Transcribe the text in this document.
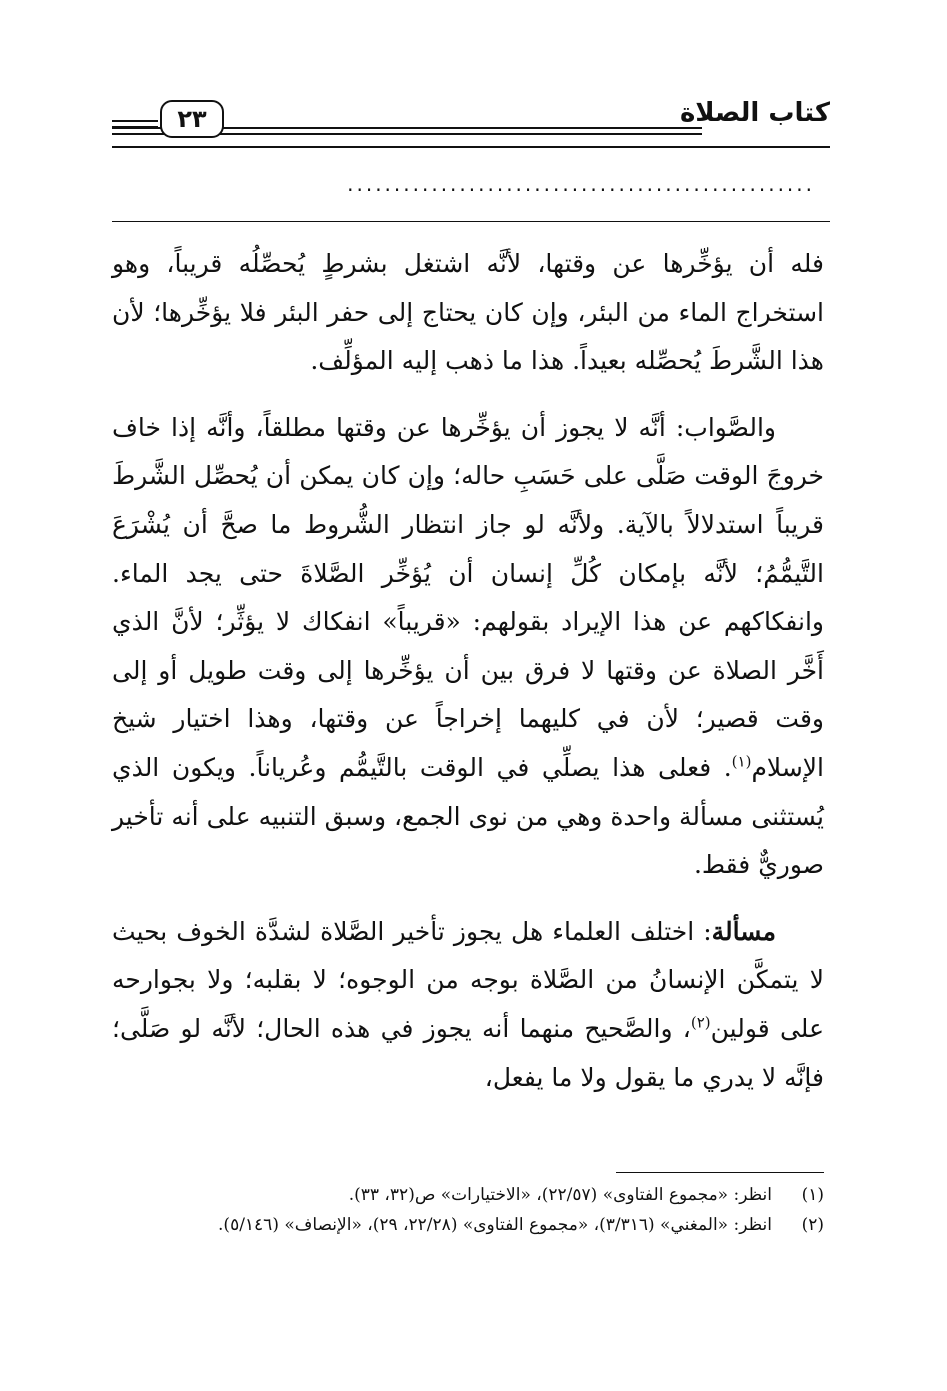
كتاب الصلاة
٢٣
..................................................

فله أن يؤخِّرها عن وقتها، لأنَّه اشتغل بشرطٍ يُحصِّلُه قريباً، وهو استخراج الماء من البئر، وإن كان يحتاج إلى حفر البئر فلا يؤخِّرها؛ لأن هذا الشَّرطَ يُحصِّله بعيداً. هذا ما ذهب إليه المؤلِّف.

والصَّواب: أنَّه لا يجوز أن يؤخِّرها عن وقتها مطلقاً، وأنَّه إذا خاف خروجَ الوقت صَلَّى على حَسَبِ حاله؛ وإن كان يمكن أن يُحصِّل الشَّرطَ قريباً استدلالاً بالآية. ولأنَّه لو جاز انتظار الشُّروط ما صحَّ أن يُشْرَعَ التَّيمُّمُ؛ لأنَّه بإمكان كُلِّ إنسان أن يُؤخِّر الصَّلاةَ حتى يجد الماء. وانفكاكهم عن هذا الإيراد بقولهم: «قريباً» انفكاك لا يؤثِّر؛ لأنَّ الذي أَخَّر الصلاة عن وقتها لا فرق بين أن يؤخِّرها إلى وقت طويل أو إلى وقت قصير؛ لأن في كليهما إخراجاً عن وقتها، وهذا اختيار شيخ الإسلام$^{(١)}$. فعلى هذا يصلِّي في الوقت بالتَّيمُّم وعُرياناً. ويكون الذي يُستثنى مسألة واحدة وهي من نوى الجمع، وسبق التنبيه على أنه تأخير صوريٌّ فقط.

مسألة: اختلف العلماء هل يجوز تأخير الصَّلاة لشدَّة الخوف بحيث لا يتمكَّن الإنسانُ من الصَّلاة بوجه من الوجوه؛ لا بقلبه؛ ولا بجوارحه على قولين$^{(٢)}$، والصَّحيح منهما أنه يجوز في هذه الحال؛ لأنَّه لو صَلَّى؛ فإنَّه لا يدري ما يقول ولا ما يفعل،

(١)
انظر: «مجموع الفتاوى» (٢٢/٥٧)، «الاختيارات» ص(٣٢، ٣٣).
(٢)
انظر: «المغني» (٣/٣١٦)، «مجموع الفتاوى» (٢٢/٢٨، ٢٩)، «الإنصاف» (٥/١٤٦).
